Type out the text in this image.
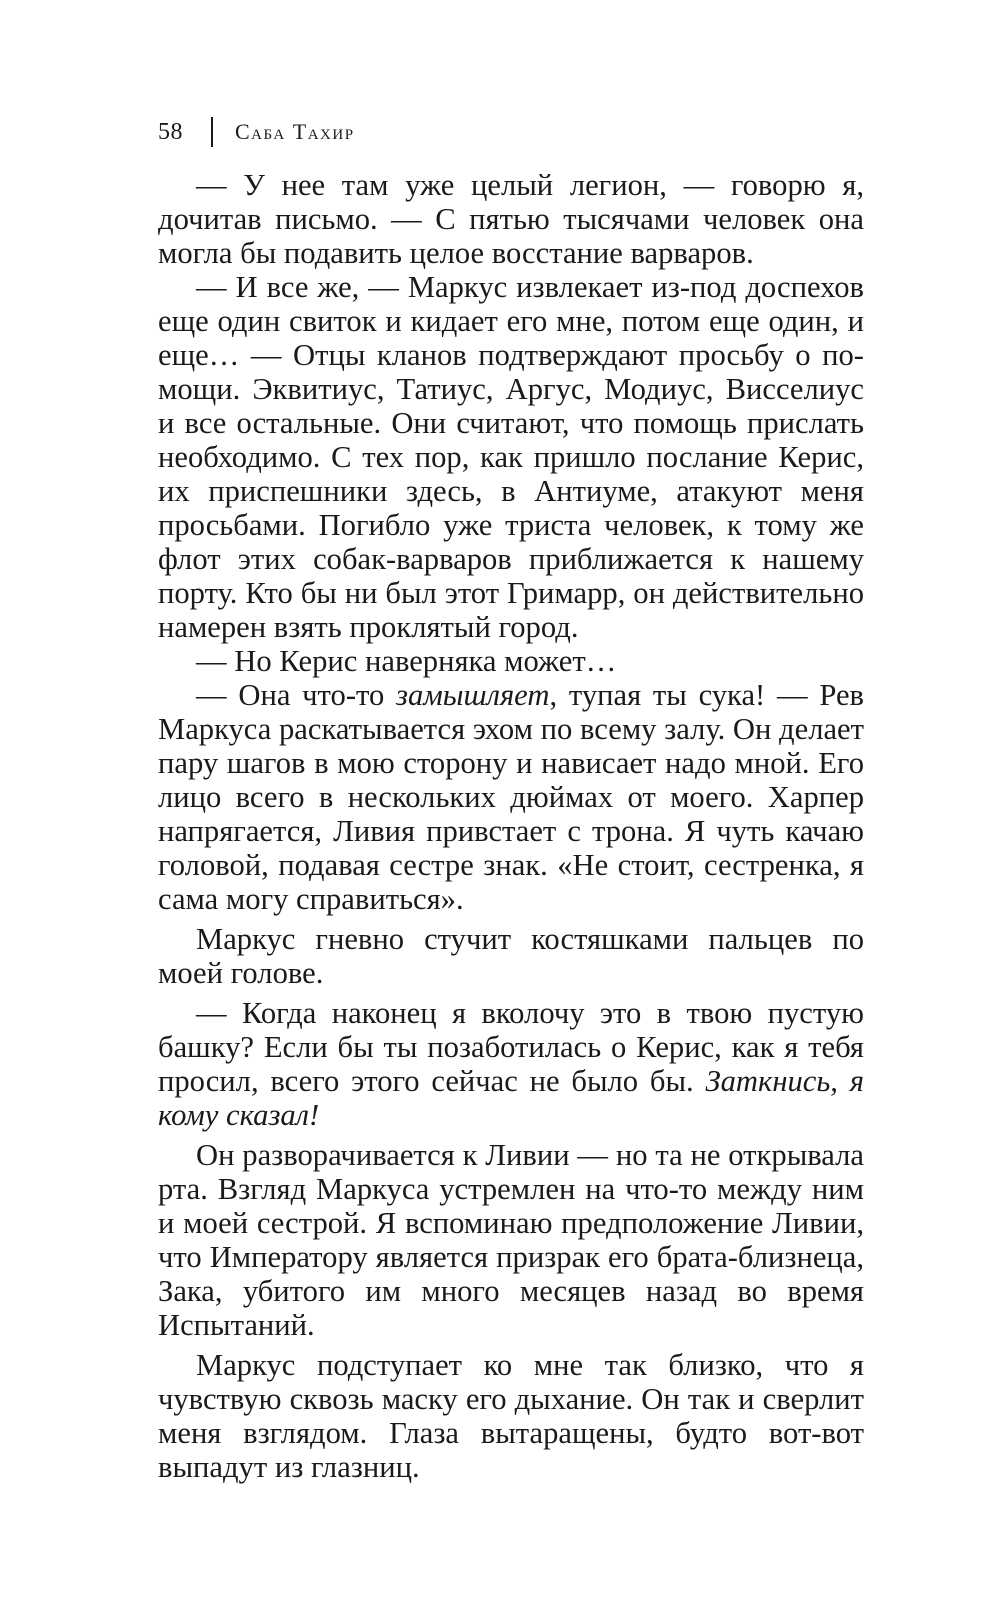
58 Саба Тахир

— У нее там уже целый легион, — говорю я, дочитав письмо. — С пятью тысячами человек она могла бы подавить целое восстание варваров.

— И все же, — Маркус извлекает из-под доспехов еще один свиток и кидает его мне, потом еще один, и еще… — Отцы кланов подтверждают просьбу о помощи. Эквитиус, Татиус, Аргус, Модиус, Висселиус и все остальные. Они считают, что помощь прислать необходимо. С тех пор, как пришло послание Керис, их приспешники здесь, в Антиуме, атакуют меня просьбами. Погибло уже триста человек, к тому же флот этих собак-варваров приближается к нашему порту. Кто бы ни был этот Гримарр, он действительно намерен взять проклятый город.

— Но Керис наверняка может…

— Она что-то замышляет, тупая ты сука! — Рев Маркуса раскатывается эхом по всему залу. Он делает пару шагов в мою сторону и нависает надо мной. Его лицо всего в нескольких дюймах от моего. Харпер напрягается, Ливия привстает с трона. Я чуть качаю головой, подавая сестре знак. «Не стоит, сестренка, я сама могу справиться».

Маркус гневно стучит костяшками пальцев по моей голове.

— Когда наконец я вколочу это в твою пустую башку? Если бы ты позаботилась о Керис, как я тебя просил, всего этого сейчас не было бы. Заткнись, я кому сказал!

Он разворачивается к Ливии — но та не открывала рта. Взгляд Маркуса устремлен на что-то между ним и моей сестрой. Я вспоминаю предположение Ливии, что Императору является призрак его брата-близнеца, Зака, убитого им много месяцев назад во время Испытаний.

Маркус подступает ко мне так близко, что я чувствую сквозь маску его дыхание. Он так и сверлит меня взглядом. Глаза вытаращены, будто вот-вот выпадут из глазниц.
